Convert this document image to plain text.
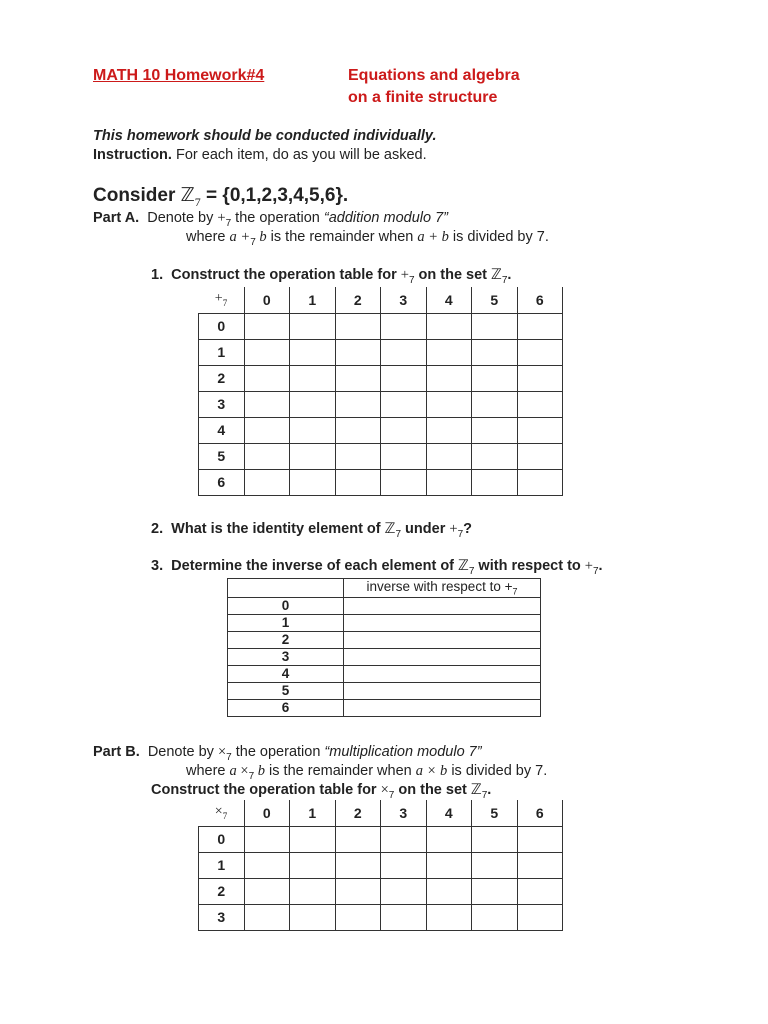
MATH 10 Homework#4	Equations and algebra
on a finite structure
This homework should be conducted individually.
Instruction. For each item, do as you will be asked.
Consider ℤ$_7$ = {0,1,2,3,4,5,6}.
Part A. Denote by $+_7$ the operation “addition modulo 7”
where $a +_7$ b is the remainder when a + b is divided by 7.
1. Construct the operation table for $+_7$ on the set ℤ$_7$.
$+_7$	0	1	2	3	4	5	6
0							
1							
2							
3							
4							
5							
6							
2. What is the identity element of ℤ$_7$ under $+_7$?
3. Determine the inverse of each element of ℤ$_7$ with respect to $+_7$.
	inverse with respect to $+_7$
0	
1	
2	
3	
4	
5	
6	
Part B. Denote by $\times_7$ the operation “multiplication modulo 7”
where $a \times_7$ b is the remainder when a × b is divided by 7.
Construct the operation table for $\times_7$ on the set ℤ$_7$.
$\times_7$	0	1	2	3	4	5	6
0							
1							
2							
3							
